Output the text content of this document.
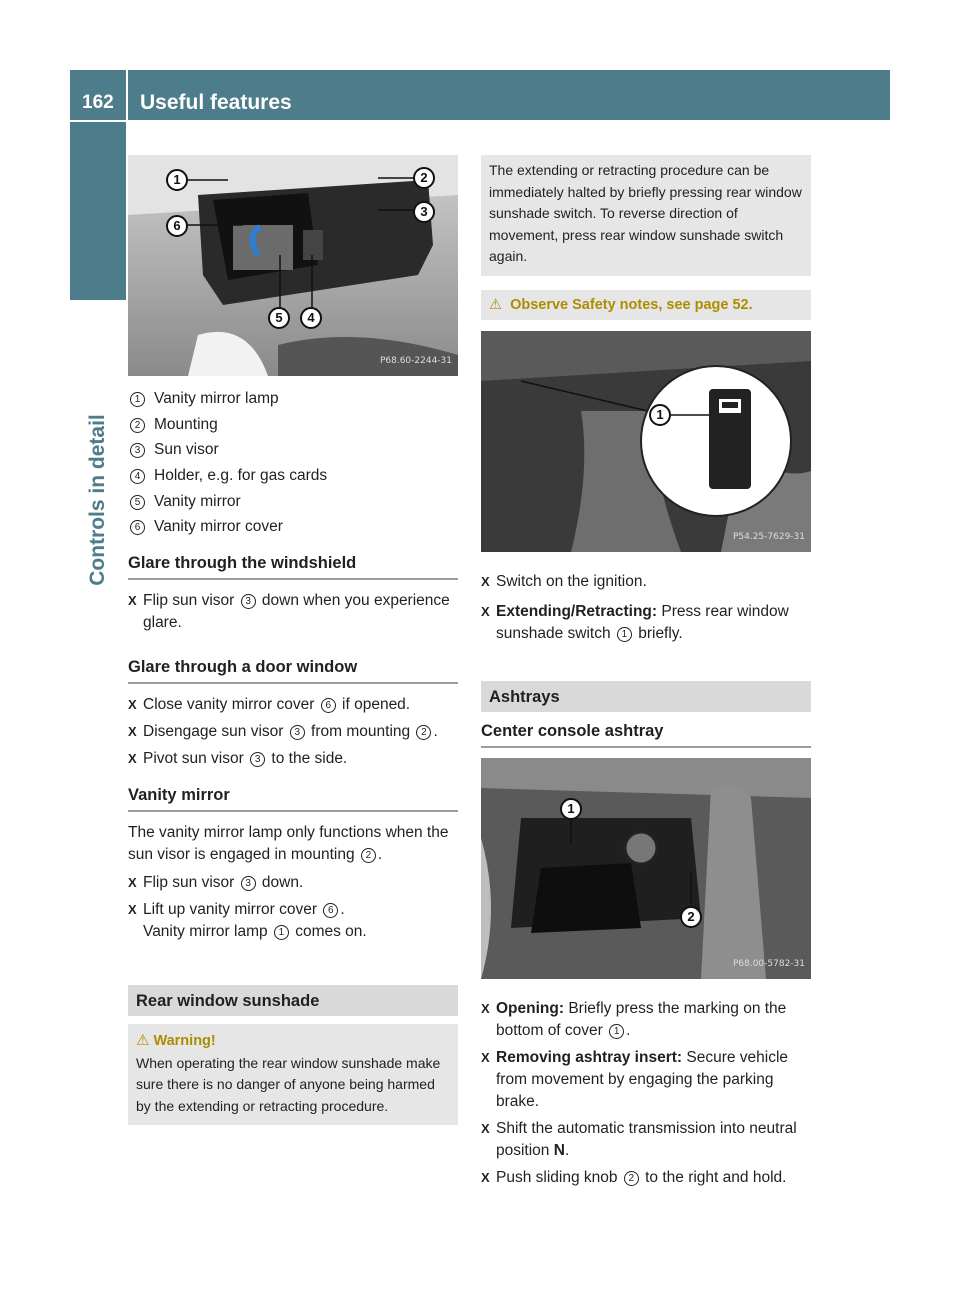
162	Useful features
Controls in detail
1	2
3
6
5	4
P68.60-2244-31
1 Vanity mirror lamp
2 Mounting
3 Sun visor
4 Holder, e.g. for gas cards
5 Vanity mirror
6 Vanity mirror cover
Glare through the windshield
X Flip sun visor 3 down when you experience glare.
Glare through a door window
X Close vanity mirror cover 6 if opened.
X Disengage sun visor 3 from mounting 2 .
X Pivot sun visor 3 to the side.
Vanity mirror
The vanity mirror lamp only functions when the sun visor is engaged in mounting 2 .
X Flip sun visor 3 down.
X Lift up vanity mirror cover 6 .
Vanity mirror lamp 1 comes on.
Rear window sunshade
⚠ Warning!
When operating the rear window sunshade make sure there is no danger of anyone being harmed by the extending or retracting procedure.
The extending or retracting procedure can be immediately halted by briefly pressing rear window sunshade switch. To reverse direction of movement, press rear window sunshade switch again.
⚠ Observe Safety notes, see page 52.
1
P54.25-7629-31
X Switch on the ignition.
X Extending/Retracting: Press rear window sunshade switch 1 briefly.
Ashtrays
Center console ashtray
1
2
P68.00-5782-31
X Opening: Briefly press the marking on the bottom of cover 1 .
X Removing ashtray insert: Secure vehicle from movement by engaging the parking brake.
X Shift the automatic transmission into neutral position N.
X Push sliding knob 2 to the right and hold.
